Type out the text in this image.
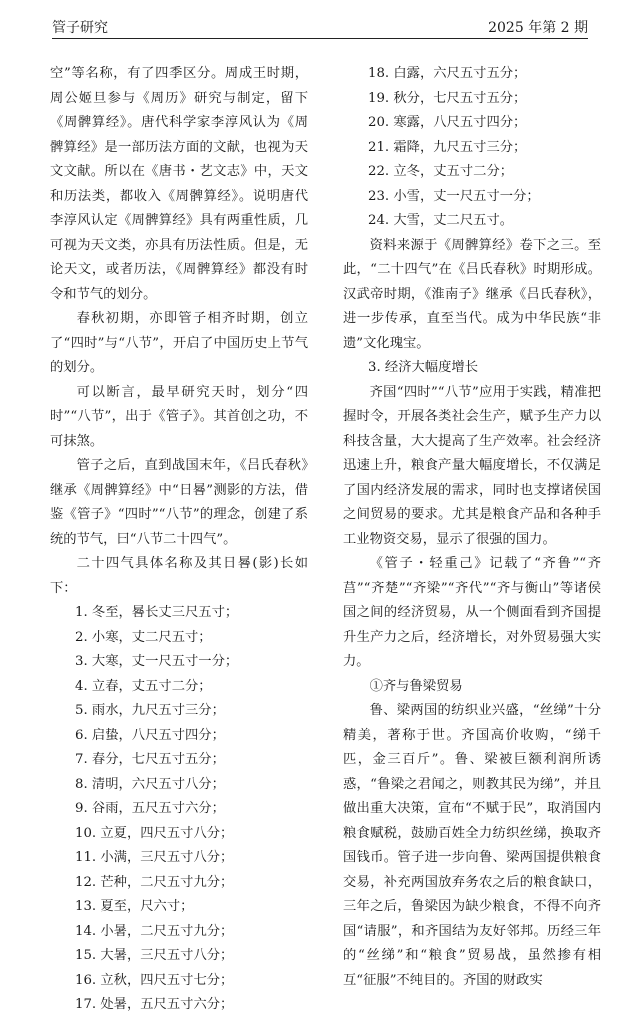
管子研究	2025 年第 2 期

空”等名称，有了四季区分。周成王时期，周公姬旦参与《周历》研究与制定，留下《周髀算经》。唐代科学家李淳风认为《周髀算经》是一部历法方面的文献，也视为天文文献。所以在《唐书・艺文志》中，天文和历法类，都收入《周髀算经》。说明唐代李淳风认定《周髀算经》具有两重性质，几可视为天文类，亦具有历法性质。但是，无论天文，或者历法，《周髀算经》都没有时令和节气的划分。

春秋初期，亦即管子相齐时期，创立了“四时”与“八节”，开启了中国历史上节气的划分。

可以断言，最早研究天时，划分“四时”“八节”，出于《管子》。其首创之功，不可抹煞。

管子之后，直到战国末年，《吕氏春秋》继承《周髀算经》中“日晷”测影的方法，借鉴《管子》“四时”“八节”的理念，创建了系统的节气，曰“八节二十四气”。

二十四气具体名称及其日晷(影)长如下：

1. 冬至，晷长丈三尺五寸；

2. 小寒，丈二尺五寸；

3. 大寒，丈一尺五寸一分；

4. 立春，丈五寸二分；

5. 雨水，九尺五寸三分；

6. 启蛰，八尺五寸四分；

7. 春分，七尺五寸五分；

8. 清明，六尺五寸八分；

9. 谷雨，五尺五寸六分；

10. 立夏，四尺五寸八分；

11. 小满，三尺五寸八分；

12. 芒种，二尺五寸九分；

13. 夏至，尺六寸；

14. 小暑，二尺五寸九分；

15. 大暑，三尺五寸八分；

16. 立秋，四尺五寸七分；

17. 处暑，五尺五寸六分；

18. 白露，六尺五寸五分；

19. 秋分，七尺五寸五分；

20. 寒露，八尺五寸四分；

21. 霜降，九尺五寸三分；

22. 立冬，丈五寸二分；

23. 小雪，丈一尺五寸一分；

24. 大雪，丈二尺五寸。

资料来源于《周髀算经》卷下之三。至此，“二十四气”在《吕氏春秋》时期形成。汉武帝时期，《淮南子》继承《吕氏春秋》，进一步传承，直至当代。成为中华民族“非遗”文化瑰宝。

3. 经济大幅度增长

齐国“四时”“八节”应用于实践，精准把握时令，开展各类社会生产，赋予生产力以科技含量，大大提高了生产效率。社会经济迅速上升，粮食产量大幅度增长，不仅满足了国内经济发展的需求，同时也支撑诸侯国之间贸易的要求。尤其是粮食产品和各种手工业物资交易，显示了很强的国力。

《管子・轻重己》记载了“齐鲁”“齐莒”“齐楚”“齐梁”“齐代”“齐与衡山”等诸侯国之间的经济贸易，从一个侧面看到齐国提升生产力之后，经济增长，对外贸易强大实力。

①齐与鲁梁贸易

鲁、梁两国的纺织业兴盛，“丝绨”十分精美，著称于世。齐国高价收购，“绨千匹，金三百斤”。鲁、梁被巨额利润所诱惑，“鲁梁之君闻之，则教其民为绨”，并且做出重大决策，宣布“不赋于民”，取消国内粮食赋税，鼓励百姓全力纺织丝绨，换取齐国钱币。管子进一步向鲁、梁两国提供粮食交易，补充两国放弃务农之后的粮食缺口，三年之后，鲁梁因为缺少粮食，不得不向齐国“请服”，和齐国结为友好邻邦。历经三年的“丝绨”和“粮食”贸易战，虽然掺有相互“征服”不纯目的。齐国的财政实
